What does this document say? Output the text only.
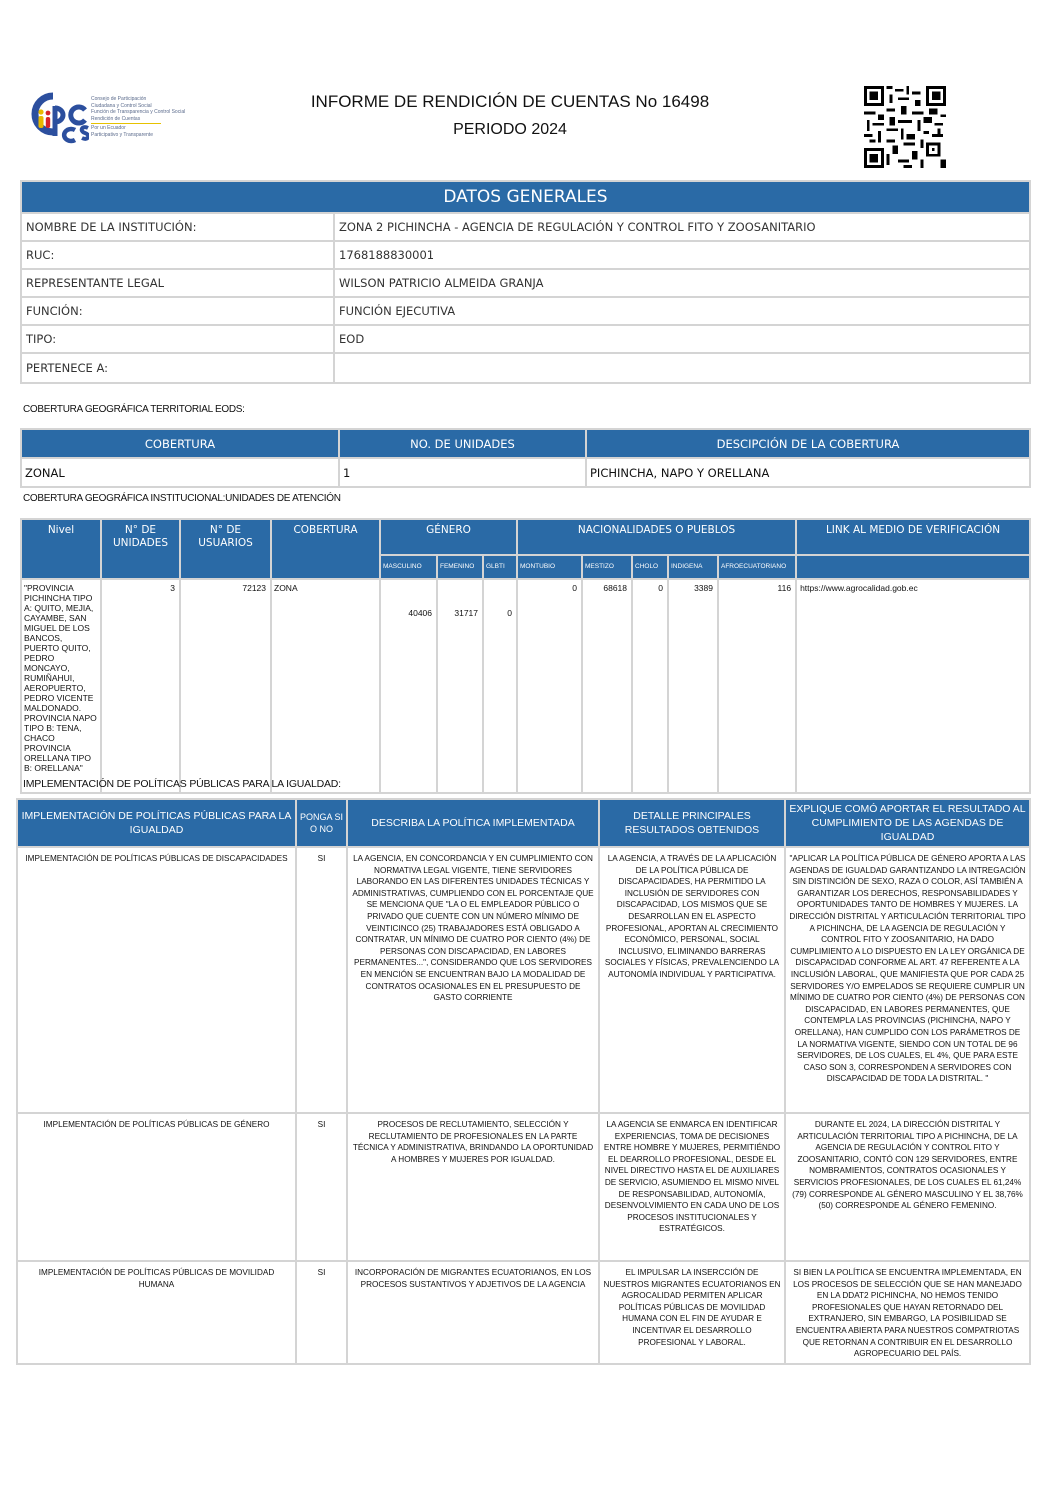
Consejo de Participación
Ciudadana y Control Social
Función de Transparencia y Control Social
Rendición de Cuentas
Por un Ecuador
Participativo y Transparente
INFORME DE RENDICIÓN DE CUENTAS No 16498
PERIODO 2024
DATOS GENERALES	
NOMBRE DE LA INSTITUCIÓN:	ZONA 2 PICHINCHA - AGENCIA DE REGULACIÓN Y CONTROL FITO Y ZOOSANITARIO
RUC:	1768188830001
REPRESENTANTE LEGAL	WILSON PATRICIO ALMEIDA GRANJA
FUNCIÓN:	FUNCIÓN EJECUTIVA
TIPO:	EOD
PERTENECE A:	
COBERTURA GEOGRÁFICA TERRITORIAL EODS:
COBERTURA	NO. DE UNIDADES	DESCIPCIÓN DE LA COBERTURA
ZONAL	1	PICHINCHA, NAPO Y ORELLANA
COBERTURA GEOGRÁFICA INSTITUCIONAL:UNIDADES DE ATENCIÓN
Nivel	N° DE UNIDADES	N° DE USUARIOS	COBERTURA	GÉNERO			NACIONALIDADES O PUEBLOS					LINK AL MEDIO DE VERIFICACIÓN
				MASCULINO	FEMENINO	GLBTI	MONTUBIO	MESTIZO	CHOLO	INDIGENA	AFROECUATORIANO	
"PROVINCIA PICHINCHA TIPO A: QUITO, MEJIA, CAYAMBE, SAN MIGUEL DE LOS BANCOS, PUERTO QUITO, PEDRO MONCAYO, RUMIÑAHUI, AEROPUERTO, PEDRO VICENTE MALDONADO. PROVINCIA NAPO TIPO B: TENA, CHACO PROVINCIA ORELLANA TIPO B: ORELLANA"	3	72123	ZONA	40406	31717	0	0	68618	0	3389	116	https://www.agrocalidad.gob.ec
IMPLEMENTACIÓN DE POLÍTICAS PÚBLICAS PARA LA IGUALDAD:
IMPLEMENTACIÓN DE POLÍTICAS PÚBLICAS PARA LA IGUALDAD	PONGA SI O NO	DESCRIBA LA POLÍTICA IMPLEMENTADA	DETALLE PRINCIPALES RESULTADOS OBTENIDOS	EXPLIQUE COMÓ APORTAR EL RESULTADO AL CUMPLIMIENTO DE LAS AGENDAS DE IGUALDAD
IMPLEMENTACIÓN DE POLÍTICAS PÚBLICAS DE DISCAPACIDADES	SI	LA AGENCIA, EN CONCORDANCIA Y EN CUMPLIMIENTO CON NORMATIVA LEGAL VIGENTE, TIENE SERVIDORES LABORANDO EN LAS DIFERENTES UNIDADES TÉCNICAS Y ADMINISTRATIVAS, CUMPLIENDO CON EL PORCENTAJE QUE SE MENCIONA QUE "LA O EL EMPLEADOR PÚBLICO O PRIVADO QUE CUENTE CON UN NÚMERO MÍNIMO DE VEINTICINCO (25) TRABAJADORES ESTÁ OBLIGADO A CONTRATAR, UN MÍNIMO DE CUATRO POR CIENTO (4%) DE PERSONAS CON DISCAPACIDAD, EN LABORES PERMANENTES...", CONSIDERANDO QUE LOS SERVIDORES EN MENCIÓN SE ENCUENTRAN BAJO LA MODALIDAD DE CONTRATOS OCASIONALES EN EL PRESUPUESTO DE GASTO CORRIENTE	LA AGENCIA, A TRAVÉS DE LA APLICACIÓN DE LA POLÍTICA PÚBLICA DE DISCAPACIDADES, HA PERMITIDO LA INCLUSIÓN DE SERVIDORES CON DISCAPACIDAD, LOS MISMOS QUE SE DESARROLLAN EN EL ASPECTO PROFESIONAL, APORTAN AL CRECIMIENTO ECONÓMICO, PERSONAL, SOCIAL INCLUSIVO, ELIMINANDO BARRERAS SOCIALES Y FÍSICAS, PREVALENCIENDO LA AUTONOMÍA INDIVIDUAL Y PARTICIPATIVA.	"APLICAR LA POLÍTICA PÚBLICA DE GÉNERO APORTA A LAS AGENDAS DE IGUALDAD GARANTIZANDO LA INTREGACIÓN SIN DISTINCIÓN DE SEXO, RAZA O COLOR, ASÍ TAMBIÉN A GARANTIZAR LOS DERECHOS, RESPONSABILIDADES Y OPORTUNIDADES TANTO DE HOMBRES Y MUJERES. LA DIRECCIÓN DISTRITAL Y ARTICULACIÓN TERRITORIAL TIPO A PICHINCHA, DE LA AGENCIA DE REGULACIÓN Y CONTROL FITO Y ZOOSANITARIO, HA DADO CUMPLIMIENTO A LO DISPUESTO EN LA LEY ORGÁNICA DE DISCAPACIDAD CONFORME AL ART. 47 REFERENTE A LA INCLUSIÓN LABORAL, QUE MANIFIESTA QUE POR CADA 25 SERVIDORES Y/O EMPELADOS SE REQUIERE CUMPLIR UN MÍNIMO DE CUATRO POR CIENTO (4%) DE PERSONAS CON DISCAPACIDAD, EN LABORES PERMANENTES, QUE CONTEMPLA LAS PROVINCIAS (PICHINCHA, NAPO Y ORELLANA), HAN CUMPLIDO CON LOS PARÁMETROS DE LA NORMATIVA VIGENTE, SIENDO CON UN TOTAL DE 96 SERVIDORES, DE LOS CUALES, EL 4%, QUE PARA ESTE CASO SON 3, CORRESPONDEN A SERVIDORES CON DISCAPACIDAD DE TODA LA DISTRITAL. "
IMPLEMENTACIÓN DE POLÍTICAS PÚBLICAS DE GÉNERO	SI	PROCESOS DE RECLUTAMIENTO, SELECCIÓN Y RECLUTAMIENTO DE PROFESIONALES EN LA PARTE TÉCNICA Y ADMINISTRATIVA, BRINDANDO LA OPORTUNIDAD A HOMBRES Y MUJERES POR IGUALDAD.	LA AGENCIA SE ENMARCA EN IDENTIFICAR EXPERIENCIAS, TOMA DE DECISIONES ENTRE HOMBRE Y MUJERES, PERMITIÉNDO EL DEARROLLO PROFESIONAL, DESDE EL NIVEL DIRECTIVO HASTA EL DE AUXILIARES DE SERVICIO, ASUMIENDO EL MISMO NIVEL DE RESPONSABILIDAD, AUTONOMÍA, DESENVOLVIMIENTO EN CADA UNO DE LOS PROCESOS INSTITUCIONALES Y ESTRATÉGICOS.	DURANTE EL 2024, LA DIRECCIÓN DISTRITAL Y ARTICULACIÓN TERRITORIAL TIPO A PICHINCHA, DE LA AGENCIA DE REGULACIÓN Y CONTROL FITO Y ZOOSANITARIO, CONTÓ CON 129 SERVIDORES, ENTRE NOMBRAMIENTOS, CONTRATOS OCASIONALES Y SERVICIOS PROFESIONALES, DE LOS CUALES EL 61,24% (79) CORRESPONDE AL GÉNERO MASCULINO Y EL 38,76% (50) CORRESPONDE AL GÉNERO FEMENINO.
IMPLEMENTACIÓN DE POLÍTICAS PÚBLICAS DE MOVILIDAD HUMANA	SI	INCORPORACIÓN DE MIGRANTES ECUATORIANOS, EN LOS PROCESOS SUSTANTIVOS Y ADJETIVOS DE LA AGENCIA	EL IMPULSAR LA INSERCCIÓN DE NUESTROS MIGRANTES ECUATORIANOS EN AGROCALIDAD PERMITEN APLICAR POLÍTICAS PÚBLICAS DE MOVILIDAD HUMANA CON EL FIN DE AYUDAR E INCENTIVAR EL DESARROLLO PROFESIONAL Y LABORAL.	SI BIEN LA POLÍTICA SE ENCUENTRA IMPLEMENTADA, EN LOS PROCESOS DE SELECCIÓN QUE SE HAN MANEJADO EN LA DDAT2 PICHINCHA, NO HEMOS TENIDO PROFESIONALES QUE HAYAN RETORNADO DEL EXTRANJERO, SIN EMBARGO, LA POSIBILIDAD SE ENCUENTRA ABIERTA PARA NUESTROS COMPATRIOTAS QUE RETORNAN A CONTRIBUIR EN EL DESARROLLO AGROPECUARIO DEL PAÍS.
